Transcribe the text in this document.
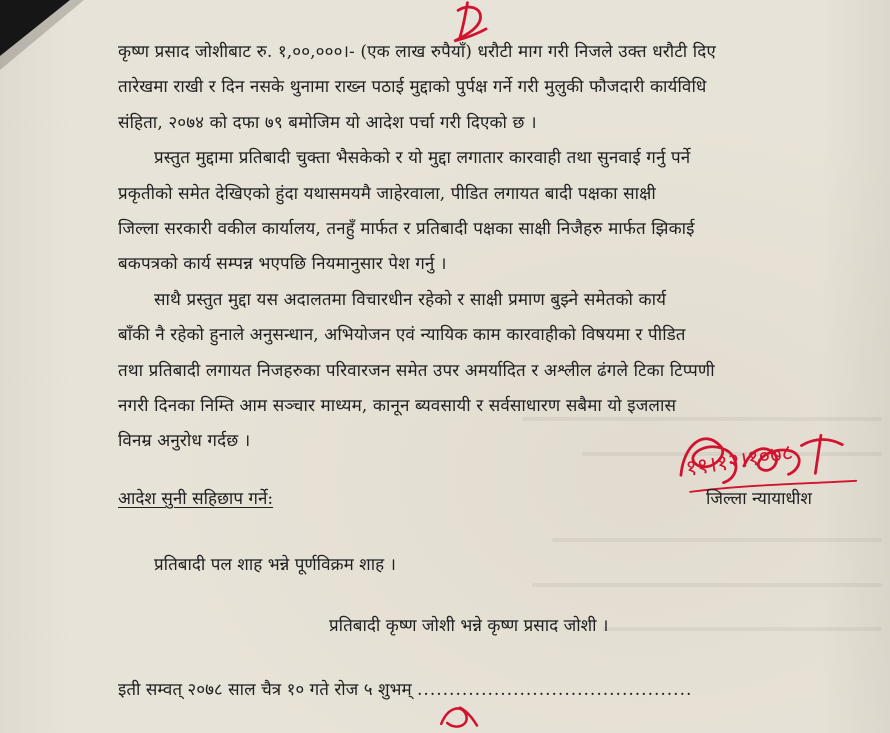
कृष्ण प्रसाद जोशीबाट रु. १,००,०००।- (एक लाख रुपैयाँ) धरौटी माग गरी निजले उक्त धरौटी दिए
तारेखमा राखी र दिन नसके थुनामा राख्न पठाई मुद्दाको पुर्पक्ष गर्ने गरी मुलुकी फौजदारी कार्यविधि
संहिता, २०७४ को दफा ७९ बमोजिम यो आदेश पर्चा गरी दिएको छ ।
प्रस्तुत मुद्दामा प्रतिबादी चुक्ता भैसकेको र यो मुद्दा लगातार कारवाही तथा सुनवाई गर्नु पर्ने
प्रकृतीको समेत देखिएको हुंदा यथासमयमै जाहेरवाला, पीडित लगायत बादी पक्षका साक्षी
जिल्ला सरकारी वकील कार्यालय, तनहुँ मार्फत र प्रतिबादी पक्षका साक्षी निजैहरु मार्फत झिकाई
बकपत्रको कार्य सम्पन्न भएपछि नियमानुसार पेश गर्नु ।
साथै प्रस्तुत मुद्दा यस अदालतमा विचारधीन रहेको र साक्षी प्रमाण बुझ्ने समेतको कार्य
बाँकी नै रहेको हुनाले अनुसन्धान, अभियोजन एवं न्यायिक काम कारवाहीको विषयमा र पीडित
तथा प्रतिबादी लगायत निजहरुका परिवारजन समेत उपर अमर्यादित र अश्लील ढंगले टिका टिप्पणी
नगरी दिनका निम्ति आम सञ्चार माध्यम, कानून ब्यवसायी र सर्वसाधारण सबैमा यो इजलास
विनम्र अनुरोध गर्दछ ।
आदेश सुनी सहिछाप गर्ने:	जिल्ला न्यायाधीश
११।१२।१०७८
प्रतिबादी पल शाह भन्ने पूर्णविक्रम शाह ।
प्रतिबादी कृष्ण जोशी भन्ने कृष्ण प्रसाद जोशी ।
इती सम्वत् २०७८ साल चैत्र १० गते रोज ५ शुभम् ...........................................
